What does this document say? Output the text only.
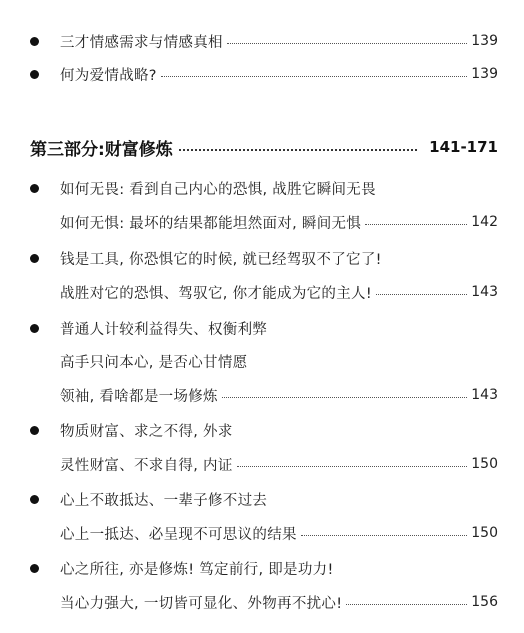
三才情感需求与情感真相	139
何为爱情战略?	139
第三部分:财富修炼	141-171
如何无畏: 看到自己内心的恐惧, 战胜它瞬间无畏
如何无惧: 最坏的结果都能坦然面对, 瞬间无惧	142
钱是工具, 你恐惧它的时候, 就已经驾驭不了它了!
战胜对它的恐惧、驾驭它, 你才能成为它的主人!	143
普通人计较利益得失、权衡利弊
高手只问本心, 是否心甘情愿
领袖, 看啥都是一场修炼	143
物质财富、求之不得, 外求
灵性财富、不求自得, 内证	150
心上不敢抵达、一辈子修不过去
心上一抵达、必呈现不可思议的结果	150
心之所往, 亦是修炼! 笃定前行, 即是功力!
当心力强大, 一切皆可显化、外物再不扰心!	156
